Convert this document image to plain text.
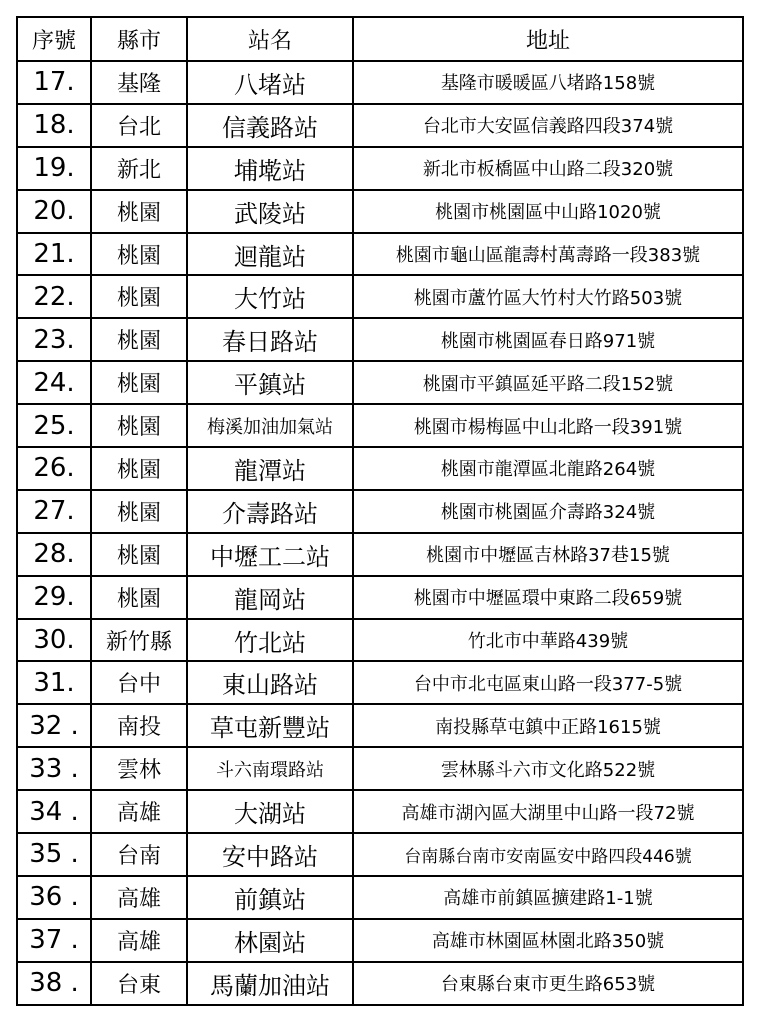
序號	縣市	站名	地址
17.	基隆	八堵站	基隆市暖暖區八堵路158號
18.	台北	信義路站	台北市大安區信義路四段374號
19.	新北	埔墘站	新北市板橋區中山路二段320號
20.	桃園	武陵站	桃園市桃園區中山路1020號
21.	桃園	迴龍站	桃園市龜山區龍壽村萬壽路一段383號
22.	桃園	大竹站	桃園市蘆竹區大竹村大竹路503號
23.	桃園	春日路站	桃園市桃園區春日路971號
24.	桃園	平鎮站	桃園市平鎮區延平路二段152號
25.	桃園	梅溪加油加氣站	桃園市楊梅區中山北路一段391號
26.	桃園	龍潭站	桃園市龍潭區北龍路264號
27.	桃園	介壽路站	桃園市桃園區介壽路324號
28.	桃園	中壢工二站	桃園市中壢區吉林路37巷15號
29.	桃園	龍岡站	桃園市中壢區環中東路二段659號
30.	新竹縣	竹北站	竹北市中華路439號
31.	台中	東山路站	台中市北屯區東山路一段377-5號
32 .	南投	草屯新豐站	南投縣草屯鎮中正路1615號
33 .	雲林	斗六南環路站	雲林縣斗六市文化路522號
34 .	高雄	大湖站	高雄市湖內區大湖里中山路一段72號
35 .	台南	安中路站	台南縣台南市安南區安中路四段446號
36 .	高雄	前鎮站	高雄市前鎮區擴建路1-1號
37 .	高雄	林園站	高雄市林園區林園北路350號
38 .	台東	馬蘭加油站	台東縣台東市更生路653號
